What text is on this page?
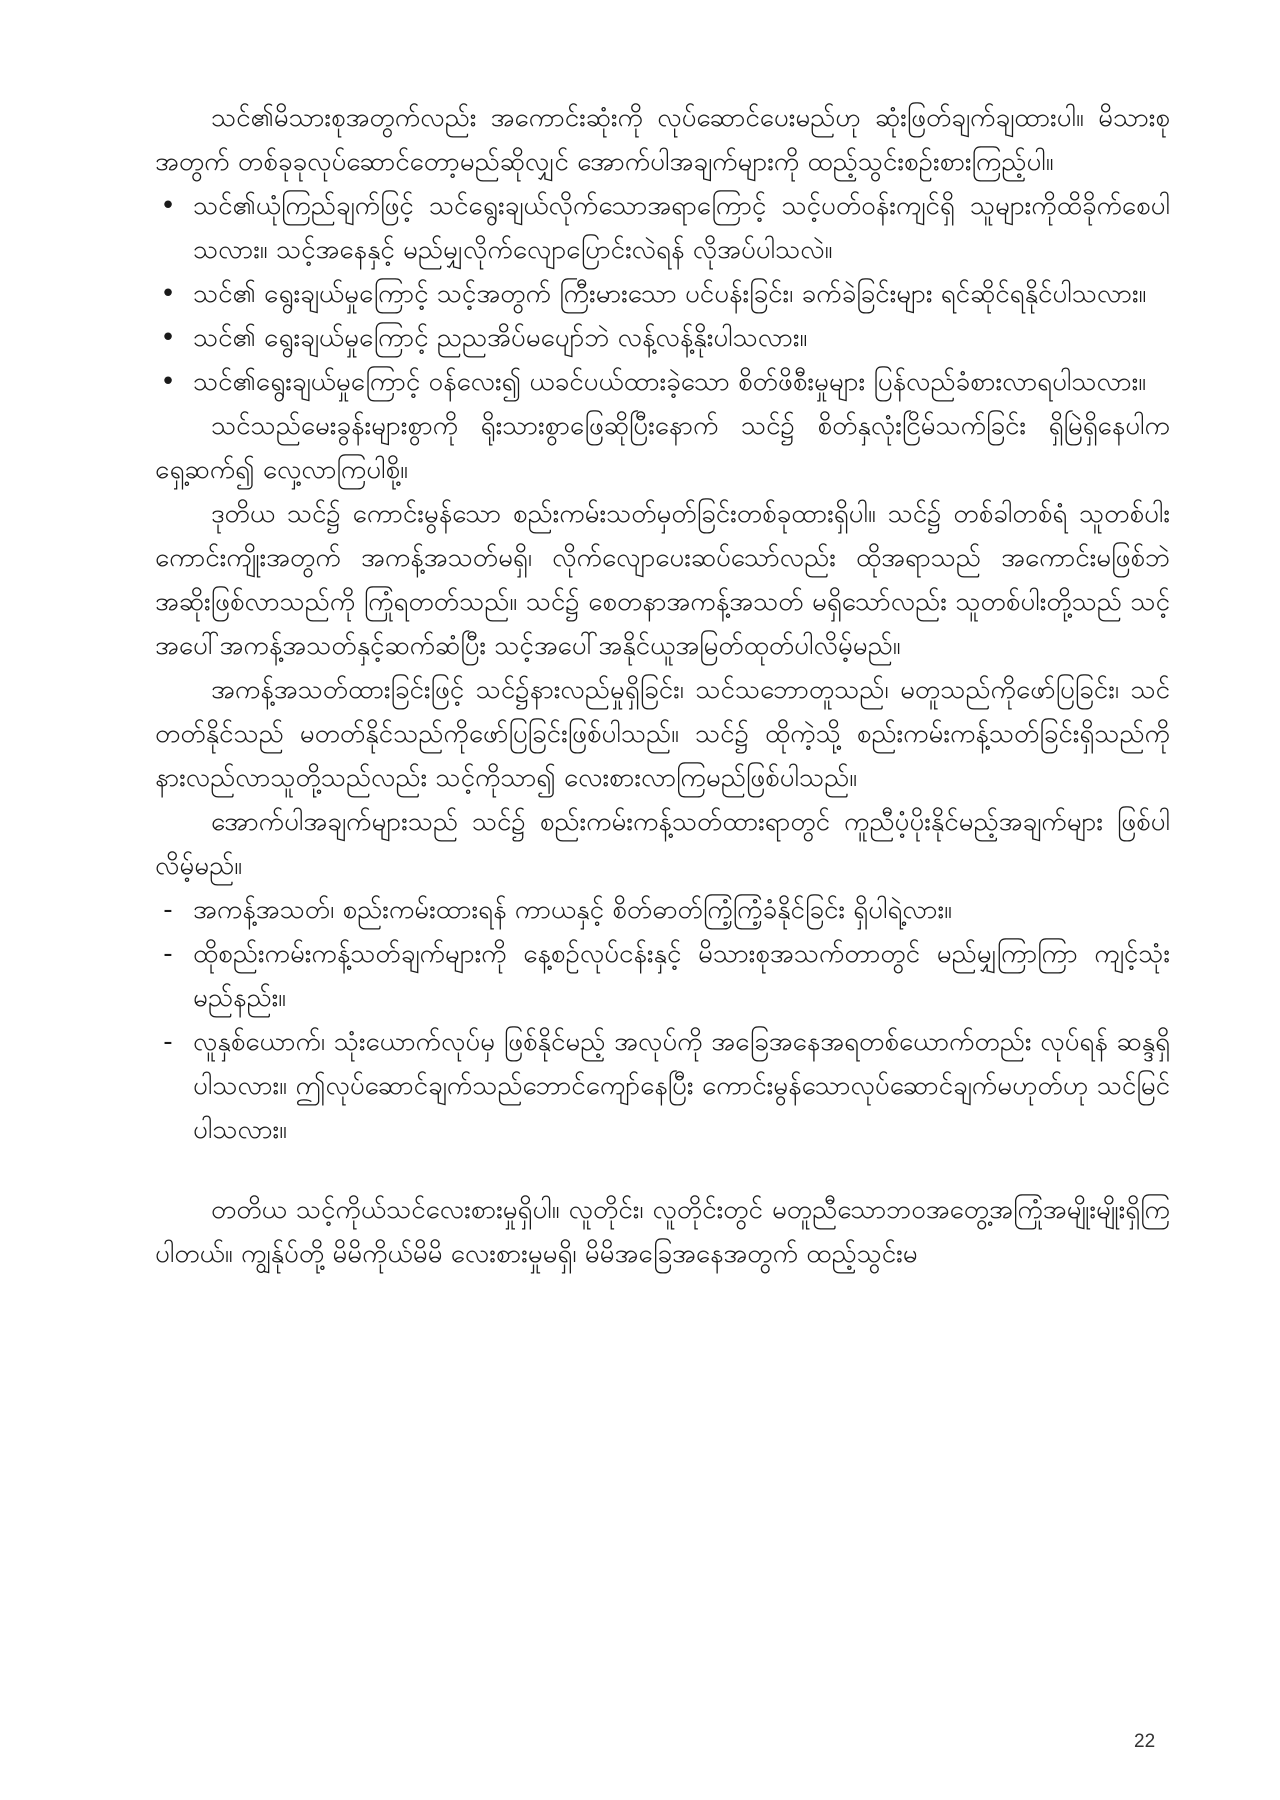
သင်၏မိသားစုအတွက်လည်း အကောင်းဆုံးကို လုပ်ဆောင်ပေးမည်ဟု ဆုံးဖြတ်ချက်ချထားပါ။ မိသားစုအတွက် တစ်ခုခုလုပ်ဆောင်တော့မည်ဆိုလျှင် အောက်ပါအချက်များကို ထည့်သွင်းစဉ်းစားကြည့်ပါ။

• သင်၏ယုံကြည်ချက်ဖြင့် သင်ရွေးချယ်လိုက်သောအရာကြောင့် သင့်ပတ်ဝန်းကျင်ရှိ သူများကိုထိခိုက်စေပါသလား။ သင့်အနေနှင့် မည်မျှလိုက်လျောပြောင်းလဲရန် လိုအပ်ပါသလဲ။
• သင်၏ ရွေးချယ်မှုကြောင့် သင့်အတွက် ကြီးမားသော ပင်ပန်းခြင်း၊ ခက်ခဲခြင်းများ ရင်ဆိုင်ရနိုင်ပါသလား။
• သင်၏ ရွေးချယ်မှုကြောင့် ညညအိပ်မပျော်ဘဲ လန့်လန့်နိုးပါသလား။
• သင်၏ရွေးချယ်မှုကြောင့် ဝန်လေး၍ ယခင်ပယ်ထားခဲ့သော စိတ်ဖိစီးမှုများ ပြန်လည်ခံစားလာရပါသလား။

သင်သည်မေးခွန်းများစွာကို ရိုးသားစွာဖြေဆိုပြီးနောက် သင်၌ စိတ်နှလုံးငြိမ်သက်ခြင်း ရှိမြဲရှိနေပါက ရှေ့ဆက်၍ လှေ့လာကြပါစို့။

ဒုတိယ သင်၌ ကောင်းမွန်သော စည်းကမ်းသတ်မှတ်ခြင်းတစ်ခုထားရှိပါ။ သင်၌ တစ်ခါတစ်ရံ သူတစ်ပါးကောင်းကျိုးအတွက် အကန့်အသတ်မရှိ၊ လိုက်လျောပေးဆပ်သော်လည်း ထိုအရာသည် အကောင်းမဖြစ်ဘဲ အဆိုးဖြစ်လာသည်ကို ကြုံရတတ်သည်။ သင်၌ စေတနာအကန့်အသတ် မရှိသော်လည်း သူတစ်ပါးတို့သည် သင့်အပေါ်အကန့်အသတ်နှင့်ဆက်ဆံပြီး သင့်အပေါ်အနိုင်ယူအမြတ်ထုတ်ပါလိမ့်မည်။

အကန့်အသတ်ထားခြင်းဖြင့် သင်၌နားလည်မှုရှိခြင်း၊ သင်သဘောတူသည်၊ မတူသည်ကိုဖော်ပြခြင်း၊ သင်တတ်နိုင်သည် မတတ်နိုင်သည်ကိုဖော်ပြခြင်းဖြစ်ပါသည်။ သင်၌ ထိုကဲ့သို့ စည်းကမ်းကန့်သတ်ခြင်းရှိသည်ကိုနားလည်လာသူတို့သည်လည်း သင့်ကိုသာ၍ လေးစားလာကြမည်ဖြစ်ပါသည်။

အောက်ပါအချက်များသည် သင်၌ စည်းကမ်းကန့်သတ်ထားရာတွင် ကူညီပံ့ပိုးနိုင်မည့်အချက်များ ဖြစ်ပါလိမ့်မည်။

- အကန့်အသတ်၊ စည်းကမ်းထားရန် ကာယနှင့် စိတ်ဓာတ်ကြံ့ကြံ့ခံနိုင်ခြင်း ရှိပါရဲ့လား။
- ထိုစည်းကမ်းကန့်သတ်ချက်များကို နေ့စဉ်လုပ်ငန်းနှင့် မိသားစုအသက်တာတွင် မည်မျှကြာကြာ ကျင့်သုံးမည်နည်း။
- လူနှစ်ယောက်၊ သုံးယောက်လုပ်မှ ဖြစ်နိုင်မည့် အလုပ်ကို အခြေအနေအရတစ်ယောက်တည်း လုပ်ရန် ဆန္ဒရှိပါသလား။ ဤလုပ်ဆောင်ချက်သည်ဘောင်ကျော်နေပြီး ကောင်းမွန်သောလုပ်ဆောင်ချက်မဟုတ်ဟု သင်မြင်ပါသလား။

တတိယ သင့်ကိုယ်သင်လေးစားမှုရှိပါ။ လူတိုင်း၊ လူတိုင်းတွင် မတူညီသောဘဝအတွေ့အကြုံအမျိုးမျိုးရှိကြပါတယ်။ ကျွန်ုပ်တို့ မိမိကိုယ်မိမိ လေးစားမှုမရှိ၊ မိမိအခြေအနေအတွက် ထည့်သွင်းမ

22
